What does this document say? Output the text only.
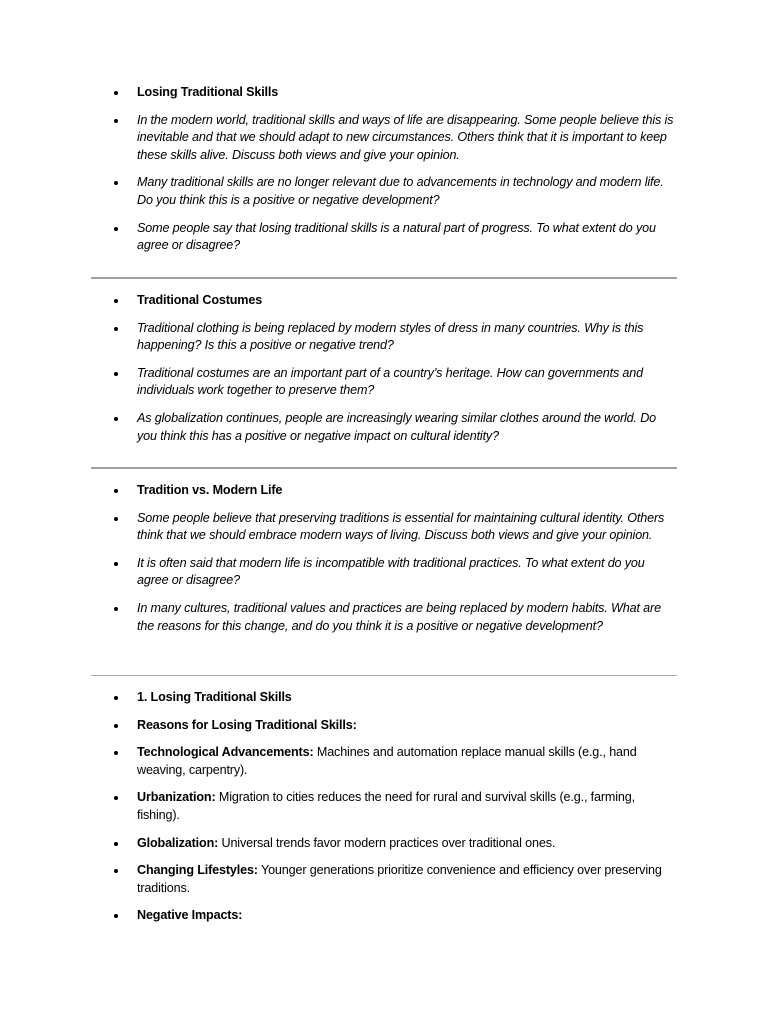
Losing Traditional Skills
In the modern world, traditional skills and ways of life are disappearing. Some people believe this is inevitable and that we should adapt to new circumstances. Others think that it is important to keep these skills alive. Discuss both views and give your opinion.
Many traditional skills are no longer relevant due to advancements in technology and modern life. Do you think this is a positive or negative development?
Some people say that losing traditional skills is a natural part of progress. To what extent do you agree or disagree?
Traditional Costumes
Traditional clothing is being replaced by modern styles of dress in many countries. Why is this happening? Is this a positive or negative trend?
Traditional costumes are an important part of a country’s heritage. How can governments and individuals work together to preserve them?
As globalization continues, people are increasingly wearing similar clothes around the world. Do you think this has a positive or negative impact on cultural identity?
Tradition vs. Modern Life
Some people believe that preserving traditions is essential for maintaining cultural identity. Others think that we should embrace modern ways of living. Discuss both views and give your opinion.
It is often said that modern life is incompatible with traditional practices. To what extent do you agree or disagree?
In many cultures, traditional values and practices are being replaced by modern habits. What are the reasons for this change, and do you think it is a positive or negative development?
1. Losing Traditional Skills
Reasons for Losing Traditional Skills:
Technological Advancements: Machines and automation replace manual skills (e.g., hand weaving, carpentry).
Urbanization: Migration to cities reduces the need for rural and survival skills (e.g., farming, fishing).
Globalization: Universal trends favor modern practices over traditional ones.
Changing Lifestyles: Younger generations prioritize convenience and efficiency over preserving traditions.
Negative Impacts:
